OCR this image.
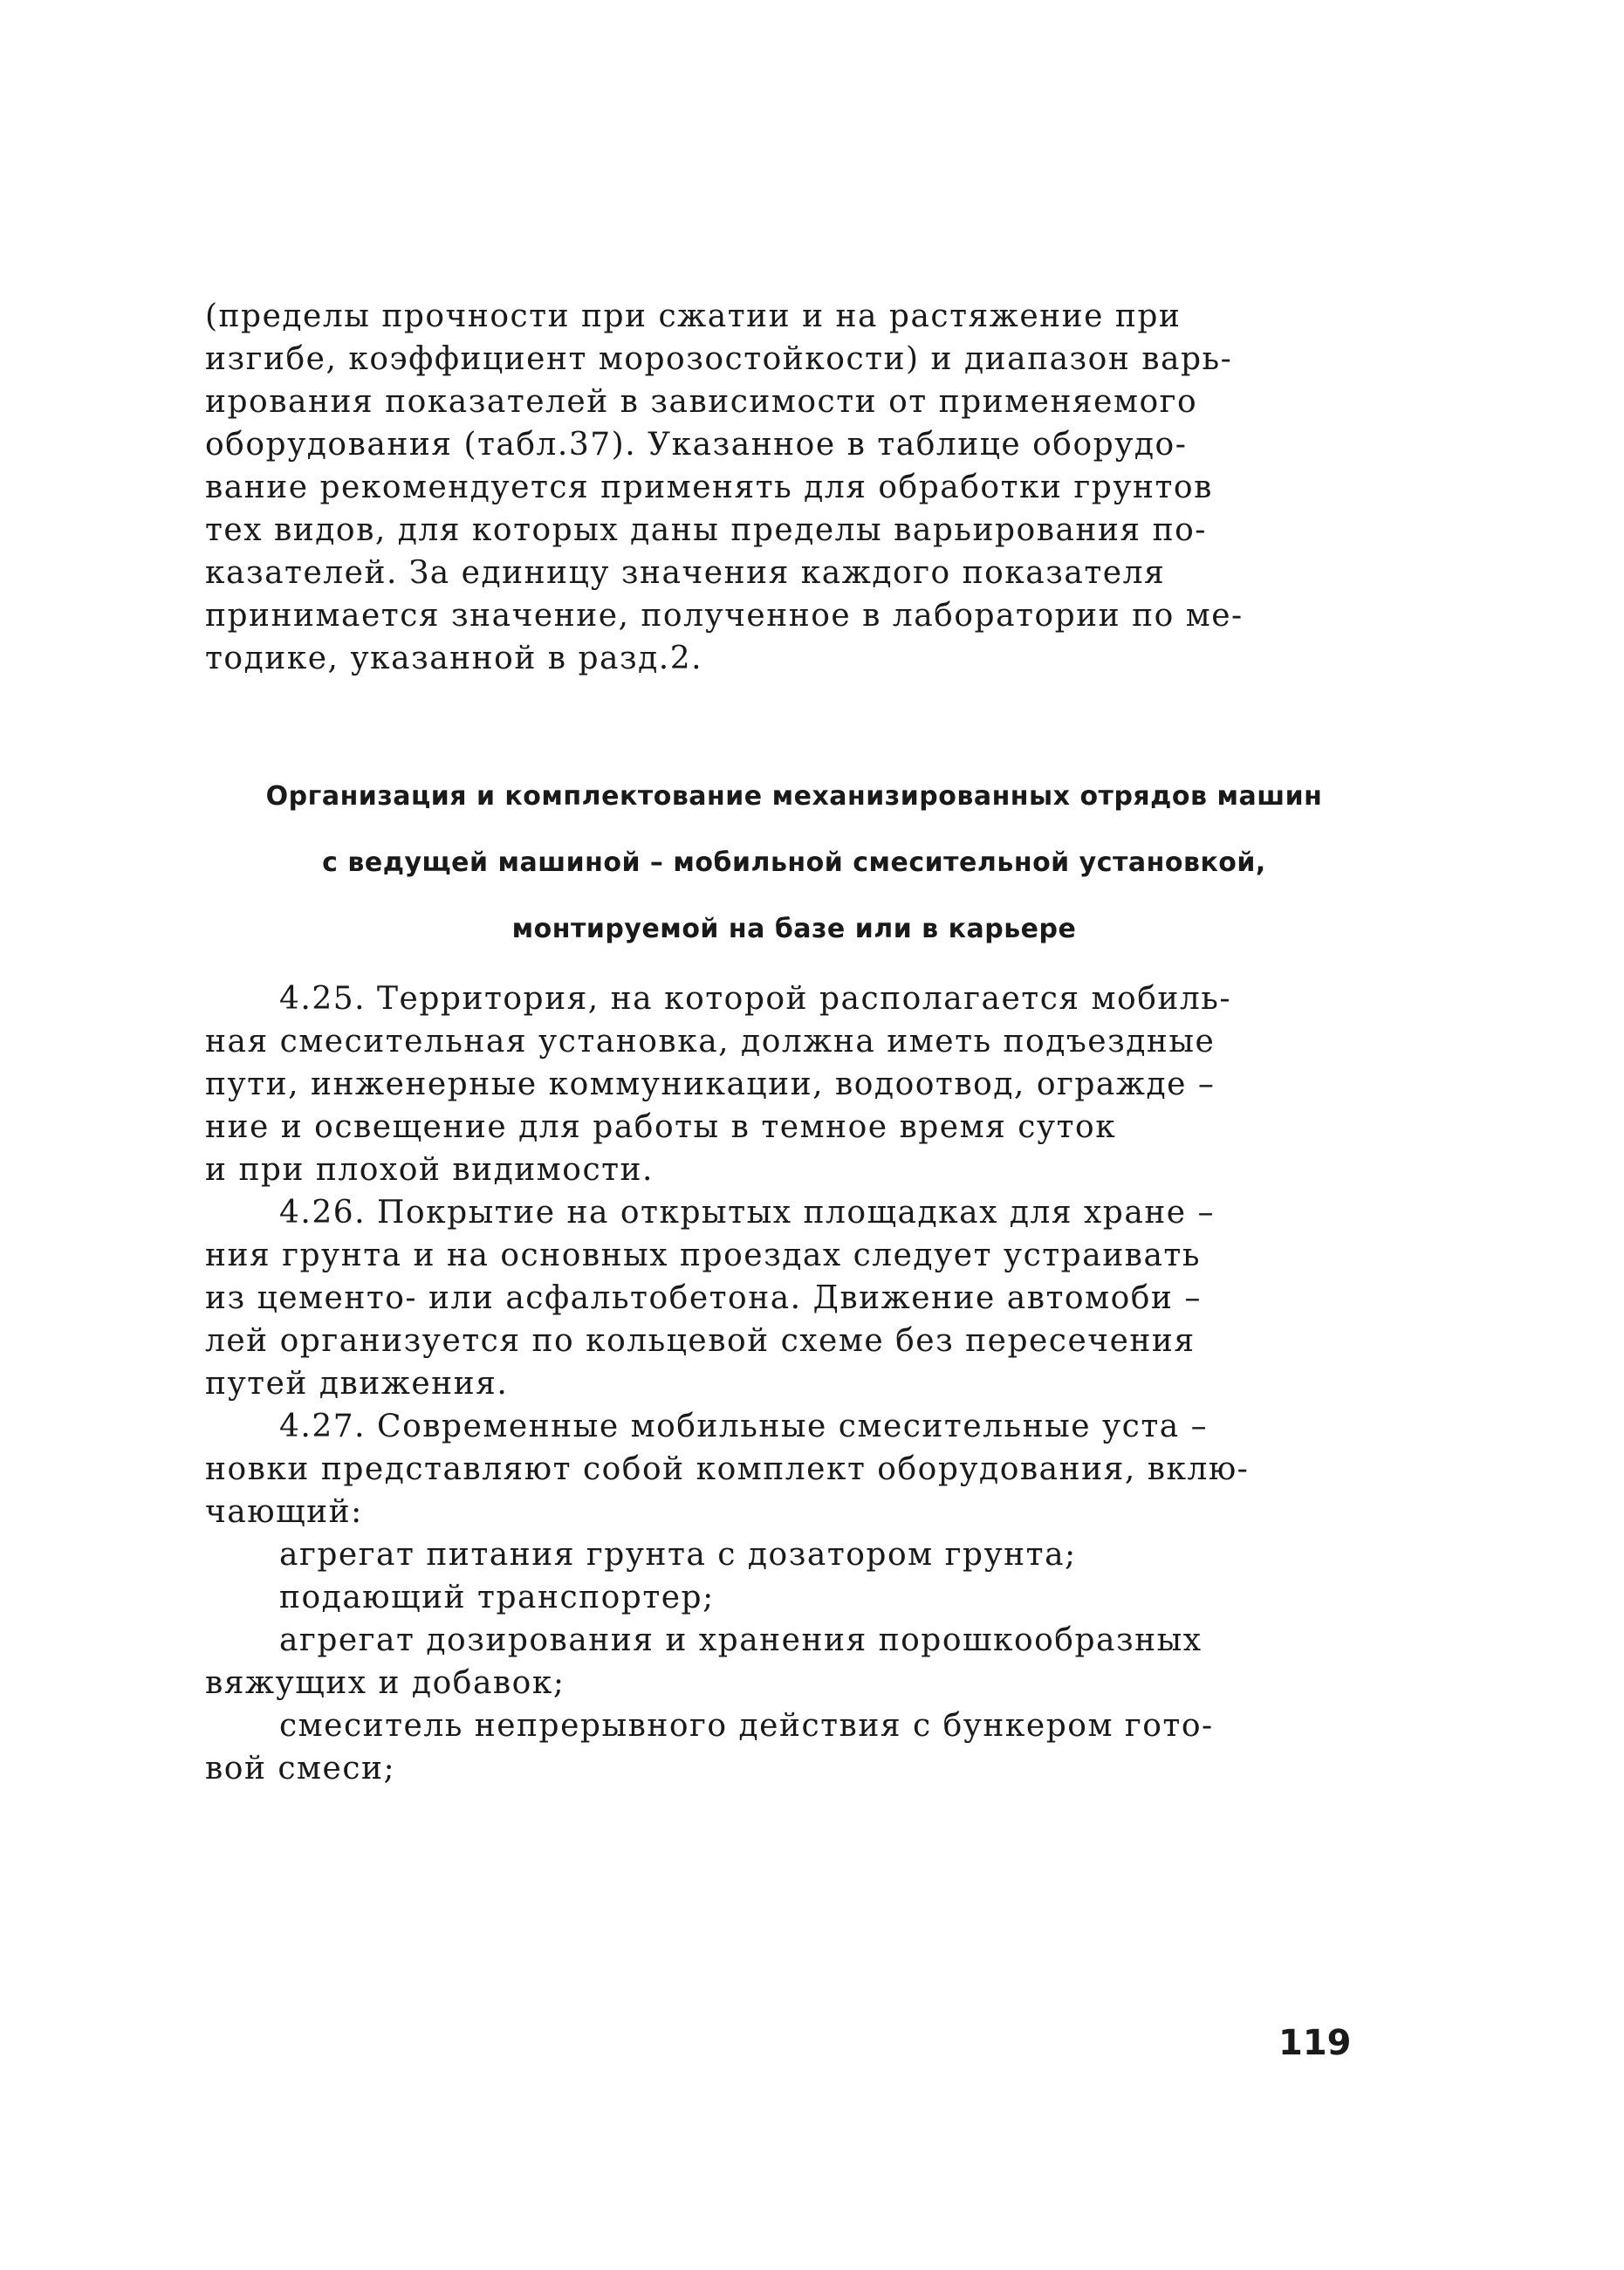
(пределы прочности при сжатии и на растяжение при
изгибе, коэффициент морозостойкости) и диапазон варь-
ирования показателей в зависимости от применяемого
оборудования (табл.37). Указанное в таблице оборудо-
вание рекомендуется применять для обработки грунтов
тех видов, для которых даны пределы варьирования по-
казателей. За единицу значения каждого показателя
принимается значение, полученное в лаборатории по ме-
тодике, указанной в разд.2.
Организация и комплектование механизированных отрядов машин
с ведущей машиной – мобильной смесительной установкой,
монтируемой на базе или в карьере
4.25. Территория, на которой располагается мобиль-
ная смесительная установка, должна иметь подъездные
пути, инженерные коммуникации, водоотвод, огражде –
ние и освещение для работы в темное время суток
и при плохой видимости.
4.26. Покрытие на открытых площадках для хране –
ния грунта и на основных проездах следует устраивать
из цементо- или асфальтобетона. Движение автомоби –
лей организуется по кольцевой схеме без пересечения
путей движения.
4.27. Современные мобильные смесительные уста –
новки представляют собой комплект оборудования, вклю-
чающий:
агрегат питания грунта с дозатором грунта;
подающий транспортер;
агрегат дозирования и хранения порошкообразных
вяжущих и добавок;
смеситель непрерывного действия с бункером гото-
вой смеси;
119
